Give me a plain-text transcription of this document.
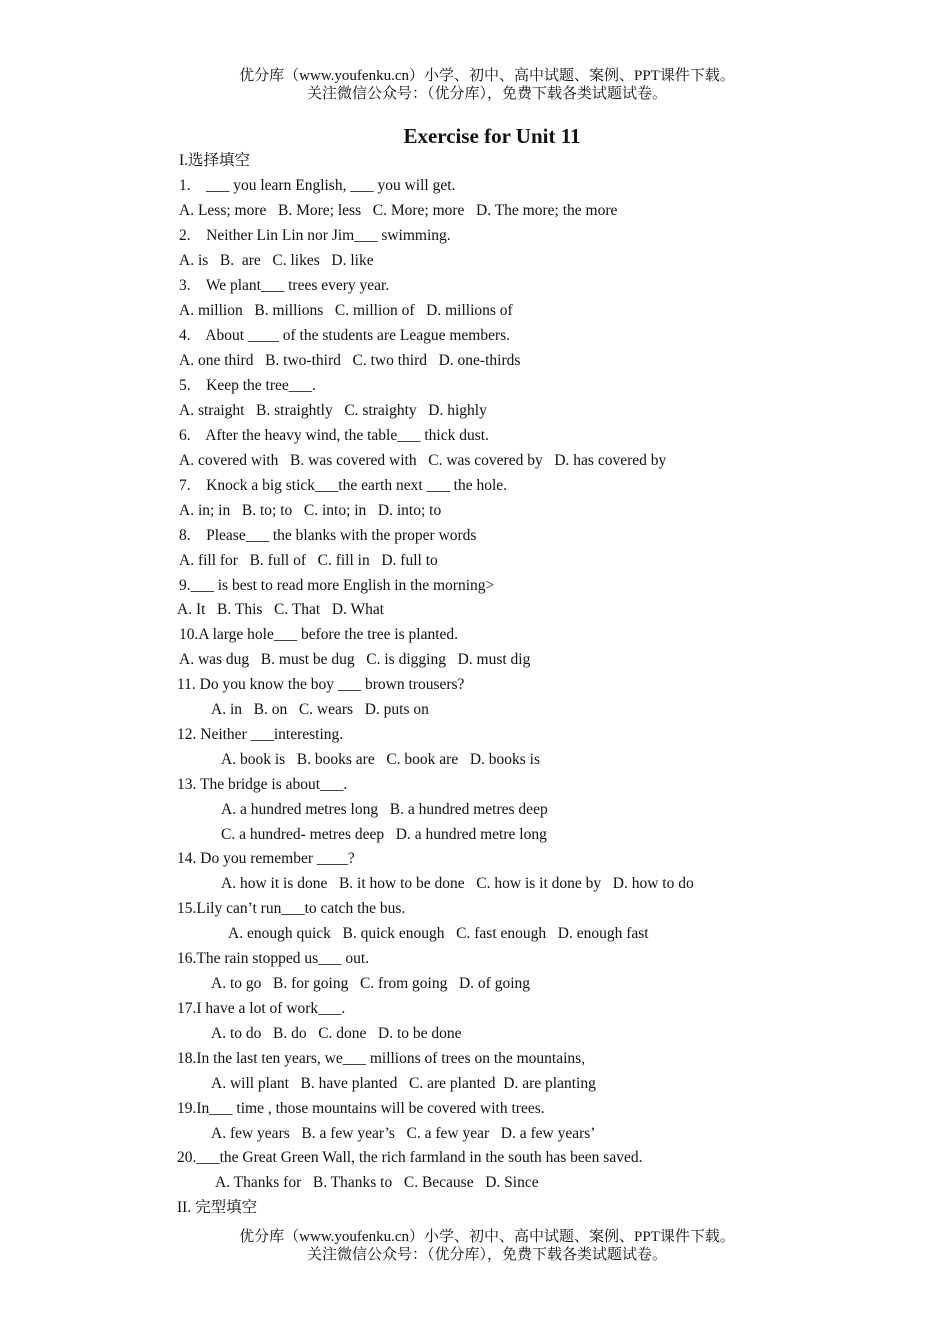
优分库（www.youfenku.cn）小学、初中、高中试题、案例、PPT课件下载。
关注微信公众号：（优分库），免费下载各类试题试卷。
Exercise for Unit 11
I.选择填空
1.    ___ you learn English, ___ you will get.
A. Less; more   B. More; less   C. More; more   D. The more; the more
2.    Neither Lin Lin nor Jim___ swimming.
A. is   B.  are   C. likes   D. like
3.    We plant___ trees every year.
A. million   B. millions   C. million of   D. millions of
4.    About ____ of the students are League members.
A. one third   B. two-third   C. two third   D. one-thirds
5.    Keep the tree___.
A. straight   B. straightly   C. straighty   D. highly
6.    After the heavy wind, the table___ thick dust.
A. covered with   B. was covered with   C. was covered by   D. has covered by
7.    Knock a big stick___the earth next ___ the hole.
A. in; in   B. to; to   C. into; in   D. into; to
8.    Please___ the blanks with the proper words
A. fill for   B. full of   C. fill in   D. full to
9.___ is best to read more English in the morning>
A. It   B. This   C. That   D. What
10.A large hole___ before the tree is planted.
A. was dug   B. must be dug   C. is digging   D. must dig
11. Do you know the boy ___ brown trousers?
A. in   B. on   C. wears   D. puts on
12. Neither ___interesting.
A. book is   B. books are   C. book are   D. books is
13. The bridge is about___.
A. a hundred metres long   B. a hundred metres deep
C. a hundred- metres deep   D. a hundred metre long
14. Do you remember ____?
A. how it is done   B. it how to be done   C. how is it done by   D. how to do
15.Lily can’t run___to catch the bus.
A. enough quick   B. quick enough   C. fast enough   D. enough fast
16.The rain stopped us___ out.
A. to go   B. for going   C. from going   D. of going
17.I have a lot of work___.
A. to do   B. do   C. done   D. to be done
18.In the last ten years, we___ millions of trees on the mountains,
A. will plant   B. have planted   C. are planted  D. are planting
19.In___ time , those mountains will be covered with trees.
A. few years   B. a few year’s   C. a few year   D. a few years’
20.___the Great Green Wall, the rich farmland in the south has been saved.
A. Thanks for   B. Thanks to   C. Because   D. Since
II. 完型填空
优分库（www.youfenku.cn）小学、初中、高中试题、案例、PPT课件下载。
关注微信公众号：（优分库），免费下载各类试题试卷。
